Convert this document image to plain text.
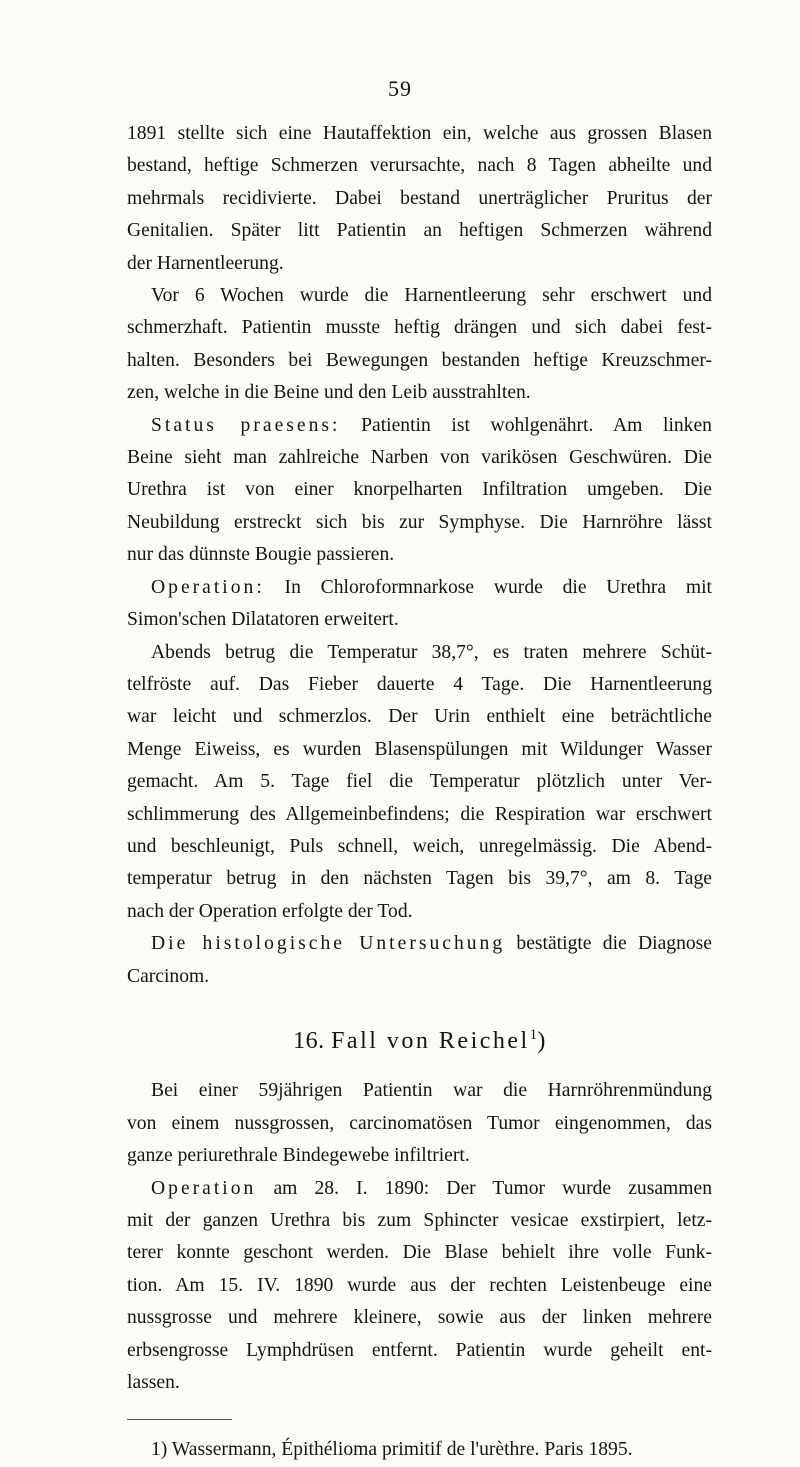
59
1891 stellte sich eine Hautaffektion ein, welche aus grossen Blasen
bestand, heftige Schmerzen verursachte, nach 8 Tagen abheilte und
mehrmals recidivierte. Dabei bestand unerträglicher Pruritus der
Genitalien. Später litt Patientin an heftigen Schmerzen während
der Harnentleerung.
Vor 6 Wochen wurde die Harnentleerung sehr erschwert und
schmerzhaft. Patientin musste heftig drängen und sich dabei fest-
halten. Besonders bei Bewegungen bestanden heftige Kreuzschmer-
zen, welche in die Beine und den Leib ausstrahlten.
Status praesens: Patientin ist wohlgenährt. Am linken
Beine sieht man zahlreiche Narben von varikösen Geschwüren. Die
Urethra ist von einer knorpelharten Infiltration umgeben. Die
Neubildung erstreckt sich bis zur Symphyse. Die Harnröhre lässt
nur das dünnste Bougie passieren.
Operation: In Chloroformnarkose wurde die Urethra mit
Simon'schen Dilatatoren erweitert.
Abends betrug die Temperatur 38,7°, es traten mehrere Schüt-
telfröste auf. Das Fieber dauerte 4 Tage. Die Harnentleerung
war leicht und schmerzlos. Der Urin enthielt eine beträchtliche
Menge Eiweiss, es wurden Blasenspülungen mit Wildunger Wasser
gemacht. Am 5. Tage fiel die Temperatur plötzlich unter Ver-
schlimmerung des Allgemeinbefindens; die Respiration war erschwert
und beschleunigt, Puls schnell, weich, unregelmässig. Die Abend-
temperatur betrug in den nächsten Tagen bis 39,7°, am 8. Tage
nach der Operation erfolgte der Tod.
Die histologische Untersuchung bestätigte die Diagnose
Carcinom.
16. Fall von Reichel$^1$)
Bei einer 59jährigen Patientin war die Harnröhrenmündung
von einem nussgrossen, carcinomatösen Tumor eingenommen, das
ganze periurethrale Bindegewebe infiltriert.
Operation am 28. I. 1890: Der Tumor wurde zusammen
mit der ganzen Urethra bis zum Sphincter vesicae exstirpiert, letz-
terer konnte geschont werden. Die Blase behielt ihre volle Funk-
tion. Am 15. IV. 1890 wurde aus der rechten Leistenbeuge eine
nussgrosse und mehrere kleinere, sowie aus der linken mehrere
erbsengrosse Lymphdrüsen entfernt. Patientin wurde geheilt ent-
lassen.
1) Wassermann, Épithélioma primitif de l'urèthre. Paris 1895.
